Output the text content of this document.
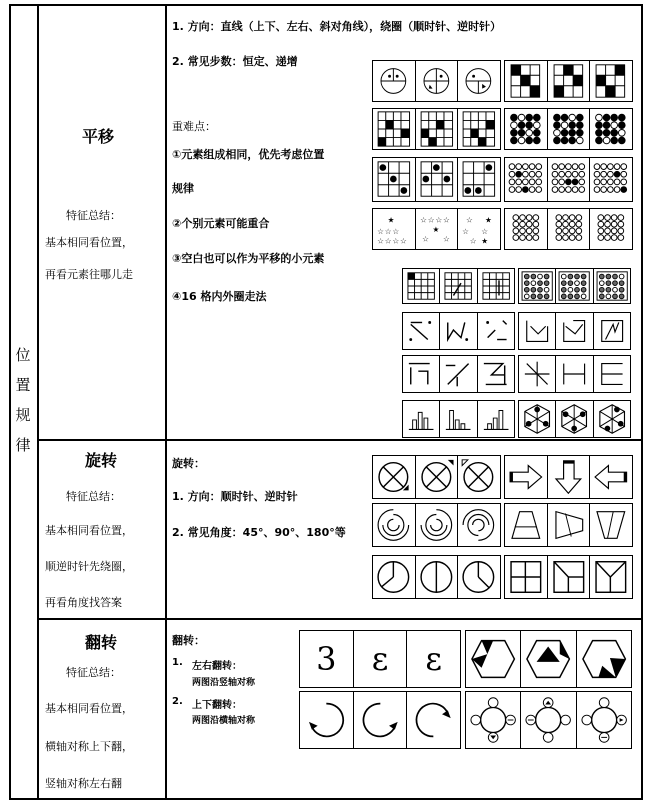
位置规律
平移
特征总结：
基本相同看位置，
再看元素往哪儿走
1. 方向：直线（上下、左右、斜对角线），绕圈（顺时针、逆时针）
2. 常见步数：恒定、递增
重难点：
①元素组成相同，优先考虑位置
规律
②个别元素可能重合
③空白也可以作为平移的小元素
④16 格内外圈走法
★
☆ ☆ ☆
☆ ☆ ☆ ☆
☆ ☆ ☆ ☆
★
☆ ☆
☆ ★
☆ ☆
☆ ★
旋转
特征总结：
基本相同看位置，
顺逆时针先绕圈，
再看角度找答案
旋转：
1. 方向：顺时针、逆时针
2. 常见角度：45°、90°、180°等
翻转
特征总结：
基本相同看位置，
横轴对称上下翻，
竖轴对称左右翻
翻转：
1. 左右翻转：
两图沿竖轴对称
2. 上下翻转：
两图沿横轴对称
3	ε	ε
